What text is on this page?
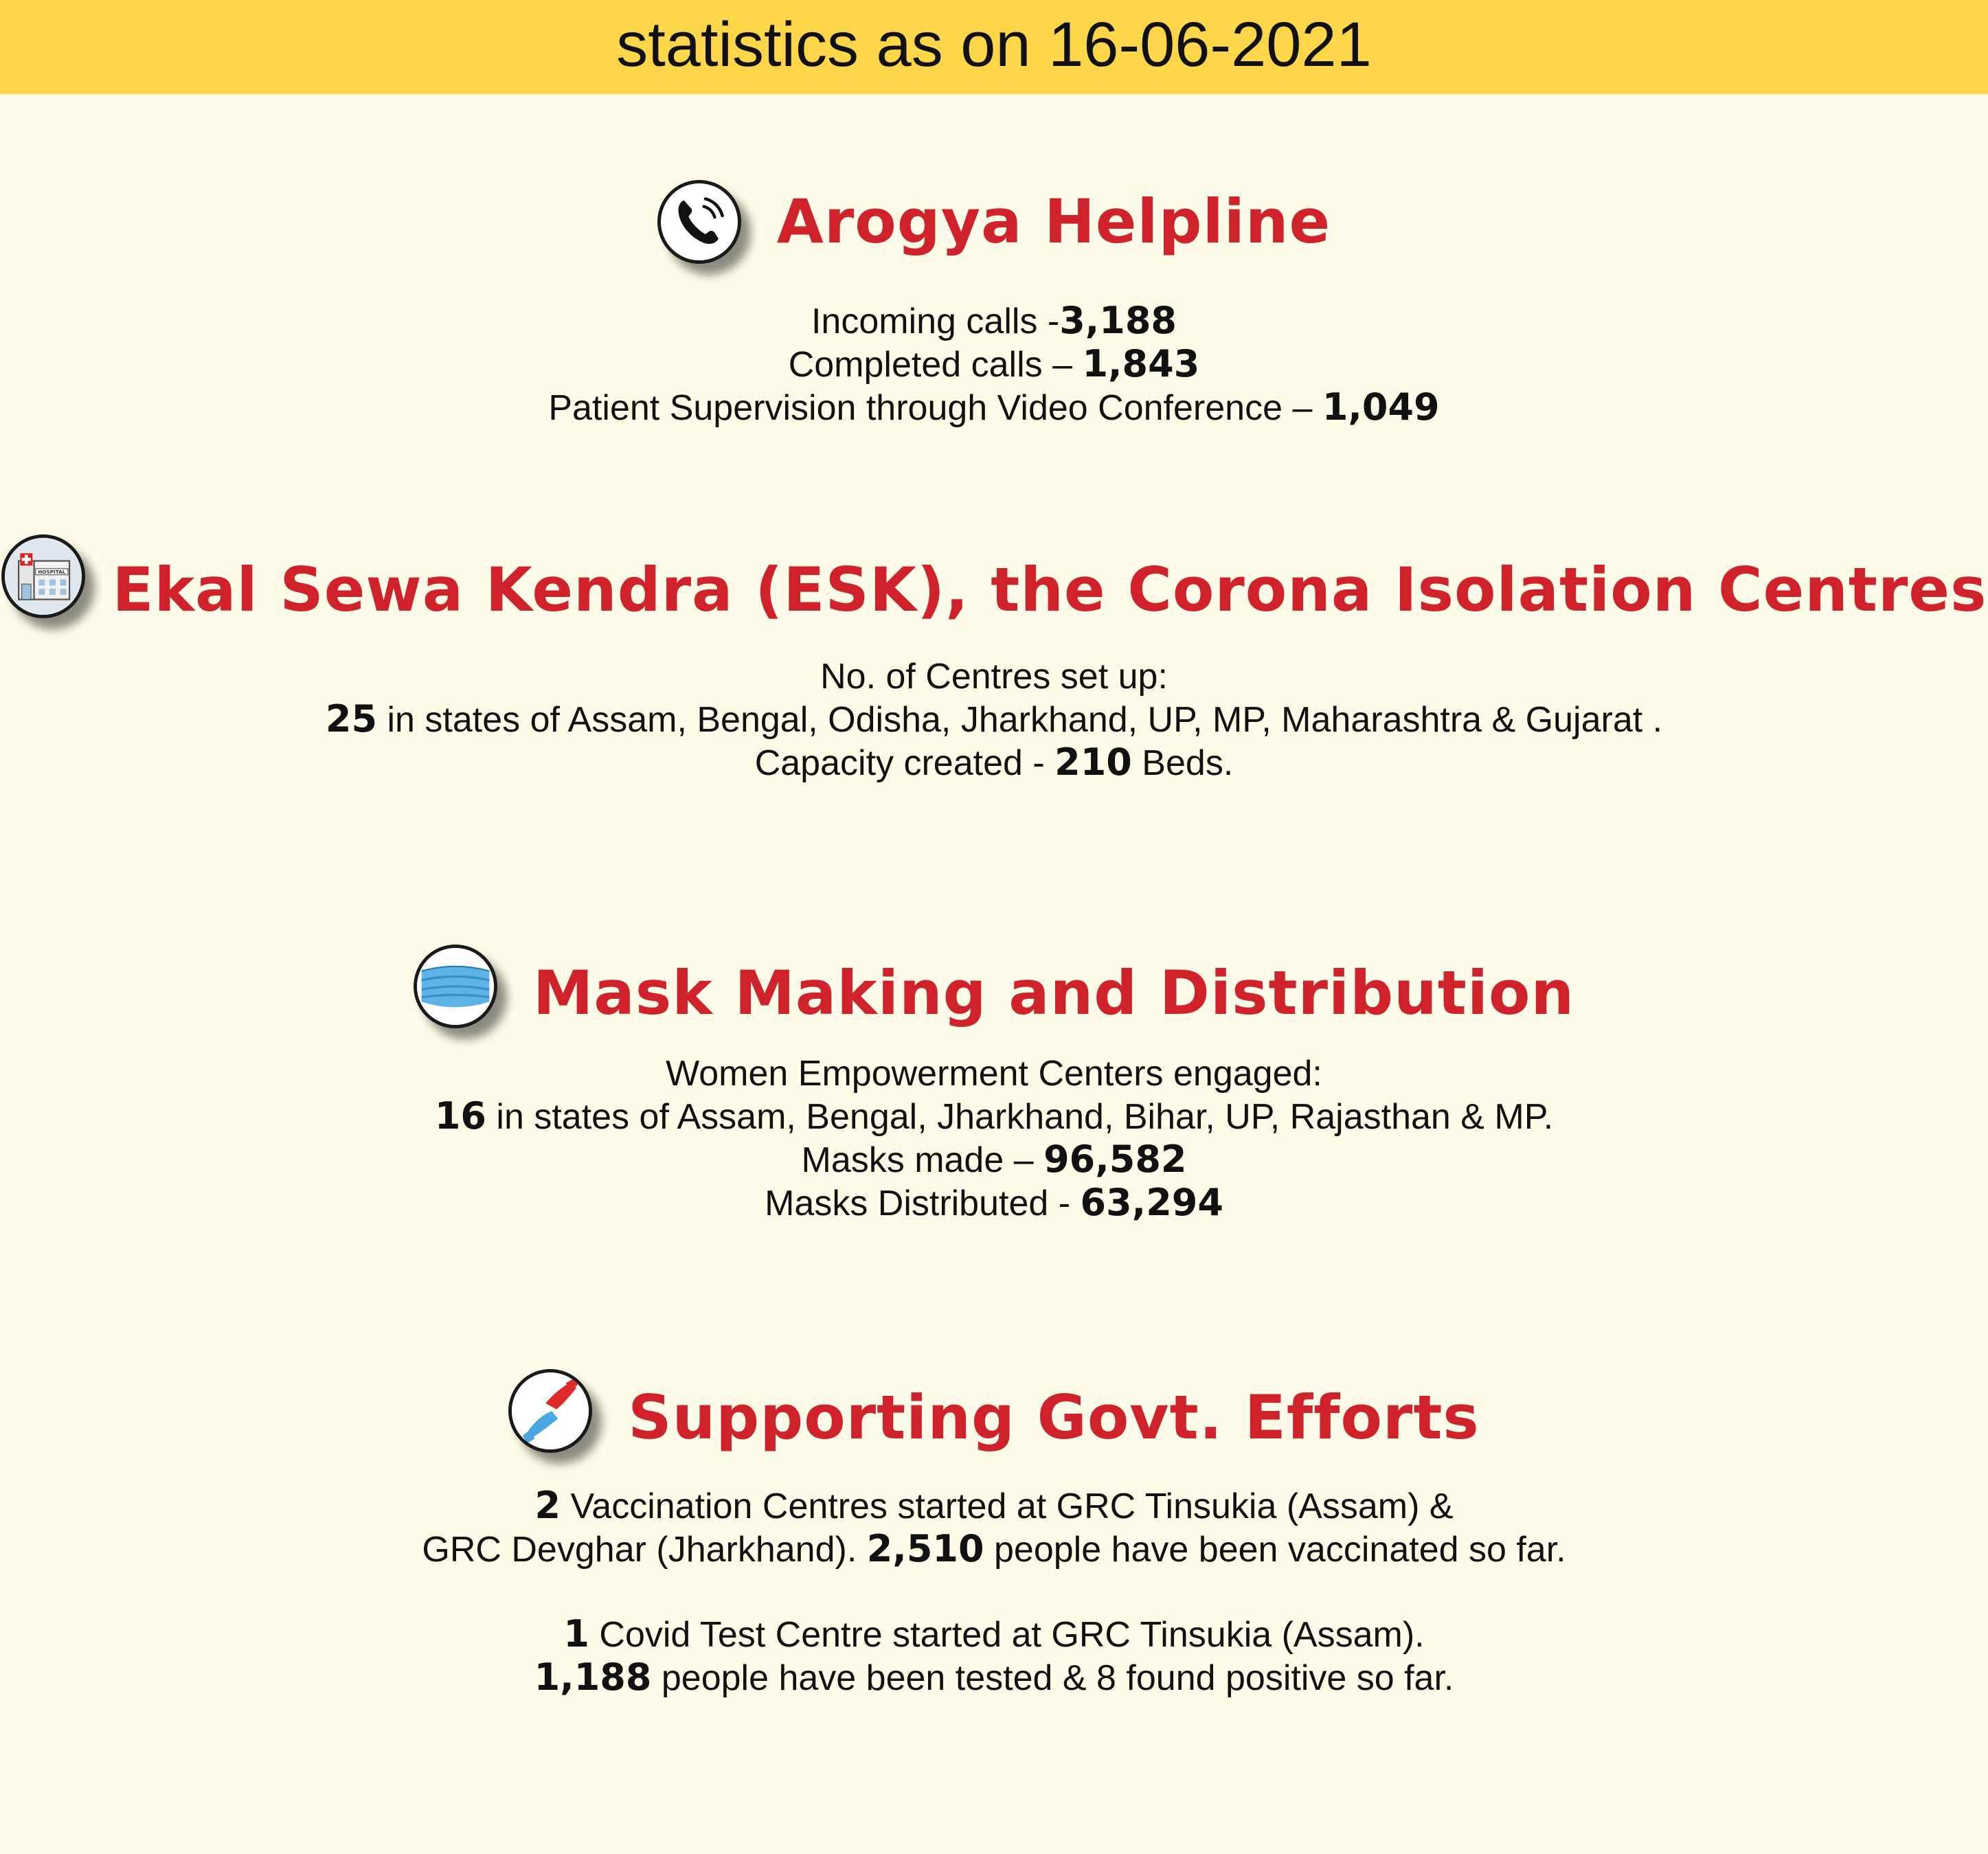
statistics as on 16-06-2021
Arogya Helpline
Incoming calls -3,188
Completed calls – 1,843
Patient Supervision through Video Conference – 1,049
HOSPITAL Ekal Sewa Kendra (ESK), the Corona Isolation Centres
No. of Centres set up:
25 in states of Assam, Bengal, Odisha, Jharkhand, UP, MP, Maharashtra & Gujarat .
Capacity created - 210 Beds.
Mask Making and Distribution
Women Empowerment Centers engaged:
16 in states of Assam, Bengal, Jharkhand, Bihar, UP, Rajasthan & MP.
Masks made – 96,582
Masks Distributed - 63,294
Supporting Govt. Efforts
2 Vaccination Centres started at GRC Tinsukia (Assam) &
GRC Devghar (Jharkhand). 2,510 people have been vaccinated so far.
1 Covid Test Centre started at GRC Tinsukia (Assam).
1,188 people have been tested & 8 found positive so far.
